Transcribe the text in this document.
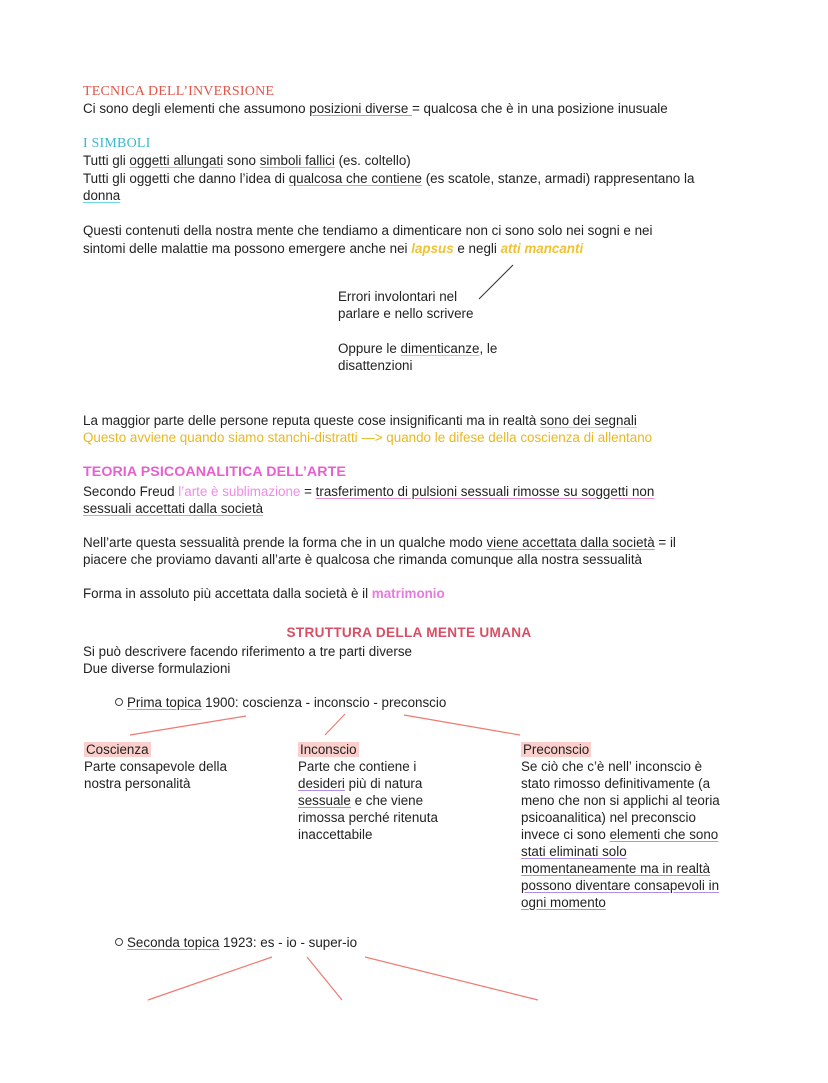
TECNICA DELL’INVERSIONE
Ci sono degli elementi che assumono posizioni diverse = qualcosa che è in una posizione inusuale
I SIMBOLI
Tutti gli oggetti allungati sono simboli fallici (es. coltello)
Tutti gli oggetti che danno l’idea di qualcosa che contiene (es scatole, stanze, armadi) rappresentano la
donna
Questi contenuti della nostra mente che tendiamo a dimenticare non ci sono solo nei sogni e nei
sintomi delle malattie ma possono emergere anche nei lapsus e negli atti mancanti
Errori involontari nel
parlare e nello scrivere
Oppure le dimenticanze, le
disattenzioni
La maggior parte delle persone reputa queste cose insignificanti ma in realtà sono dei segnali
Questo avviene quando siamo stanchi-distratti —> quando le difese della coscienza di allentano
TEORIA PSICOANALITICA DELL’ARTE
Secondo Freud l’arte è sublimazione = trasferimento di pulsioni sessuali rimosse su soggetti non
sessuali accettati dalla società
Nell’arte questa sessualità prende la forma che in un qualche modo viene accettata dalla società = il
piacere che proviamo davanti all’arte è qualcosa che rimanda comunque alla nostra sessualità
Forma in assoluto più accettata dalla società è il matrimonio
STRUTTURA DELLA MENTE UMANA
Si può descrivere facendo riferimento a tre parti diverse
Due diverse formulazioni
Prima topica 1900: coscienza - inconscio - preconscio
Coscienza
Parte consapevole della
nostra personalità
Inconscio
Parte che contiene i
desideri più di natura
sessuale e che viene
rimossa perché ritenuta
inaccettabile
Preconscio
Se ciò che c’è nell’ inconscio è
stato rimosso definitivamente (a
meno che non si applichi al teoria
psicoanalitica) nel preconscio
invece ci sono elementi che sono
stati eliminati solo
momentaneamente ma in realtà
possono diventare consapevoli in
ogni momento
Seconda topica 1923: es - io - super-io
